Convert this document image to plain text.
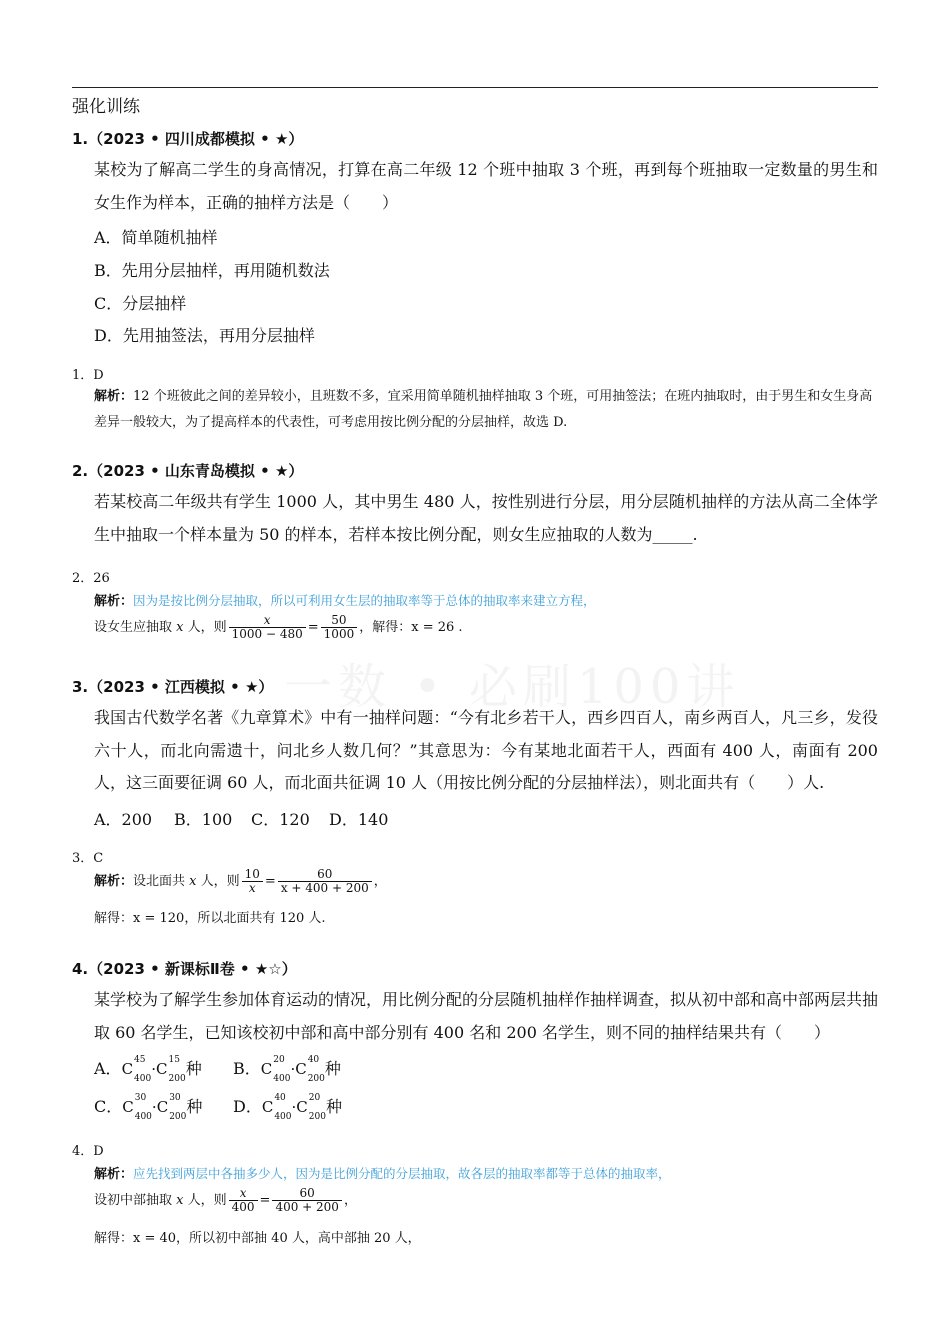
一数 • 必刷100讲
强化训练
1.（2023 • 四川成都模拟 • ★）
某校为了解高二学生的身高情况，打算在高二年级 12 个班中抽取 3 个班，再到每个班抽取一定数量的男生和女生作为样本，正确的抽样方法是（　　）
A．简单随机抽样
B．先用分层抽样，再用随机数法
C．分层抽样
D．先用抽签法，再用分层抽样
1．D
解析：12 个班彼此之间的差异较小，且班数不多，宜采用简单随机抽样抽取 3 个班，可用抽签法；在班内抽取时，由于男生和女生身高差异一般较大，为了提高样本的代表性，可考虑用按比例分配的分层抽样，故选 D.
2.（2023 • 山东青岛模拟 • ★）
若某校高二年级共有学生 1000 人，其中男生 480 人，按性别进行分层，用分层随机抽样的方法从高二全体学生中抽取一个样本量为 50 的样本，若样本按比例分配，则女生应抽取的人数为_____.
2．26
解析：因为是按比例分层抽取，所以可利用女生层的抽取率等于总体的抽取率来建立方程，
设女生应抽取 x 人，则 $\frac{x}{1000 - 480} = \frac{50}{1000}$ ，解得：x = 26 .
3.（2023 • 江西模拟 • ★）
我国古代数学名著《九章算术》中有一抽样问题：“今有北乡若干人，西乡四百人，南乡两百人，凡三乡，发役六十人，而北向需遗十，问北乡人数几何？”其意思为：今有某地北面若干人，西面有 400 人，南面有 200 人，这三面要征调 60 人，而北面共征调 10 人（用按比例分配的分层抽样法），则北面共有（　　）人.
A．200 B．100 C．120 D．140
3．C
解析：设北面共 x 人，则 $\frac{10}{x} = \frac{60}{x + 400 + 200}$ ，
解得：x = 120，所以北面共有 120 人.
4.（2023 • 新课标Ⅱ卷 • ★☆）
某学校为了解学生参加体育运动的情况，用比例分配的分层随机抽样作抽样调查，拟从初中部和高中部两层共抽取 60 名学生，已知该校初中部和高中部分别有 400 名和 200 名学生，则不同的抽样结果共有（　　）
A．$C^{45}$
$_{400}\cdot C^{15}$
$_{200}$种 B．$C^{20}$
$_{400}\cdot C^{40}$
$_{200}$种
C．$C^{30}$
$_{400}\cdot C^{30}$
$_{200}$种 D．$C^{40}$
$_{400}\cdot C^{20}$
$_{200}$种
4．D
解析：应先找到两层中各抽多少人，因为是比例分配的分层抽取，故各层的抽取率都等于总体的抽取率，
设初中部抽取 x 人，则 $\frac{x}{400} = \frac{60}{400 + 200}$ ，
解得：x = 40，所以初中部抽 40 人，高中部抽 20 人，
